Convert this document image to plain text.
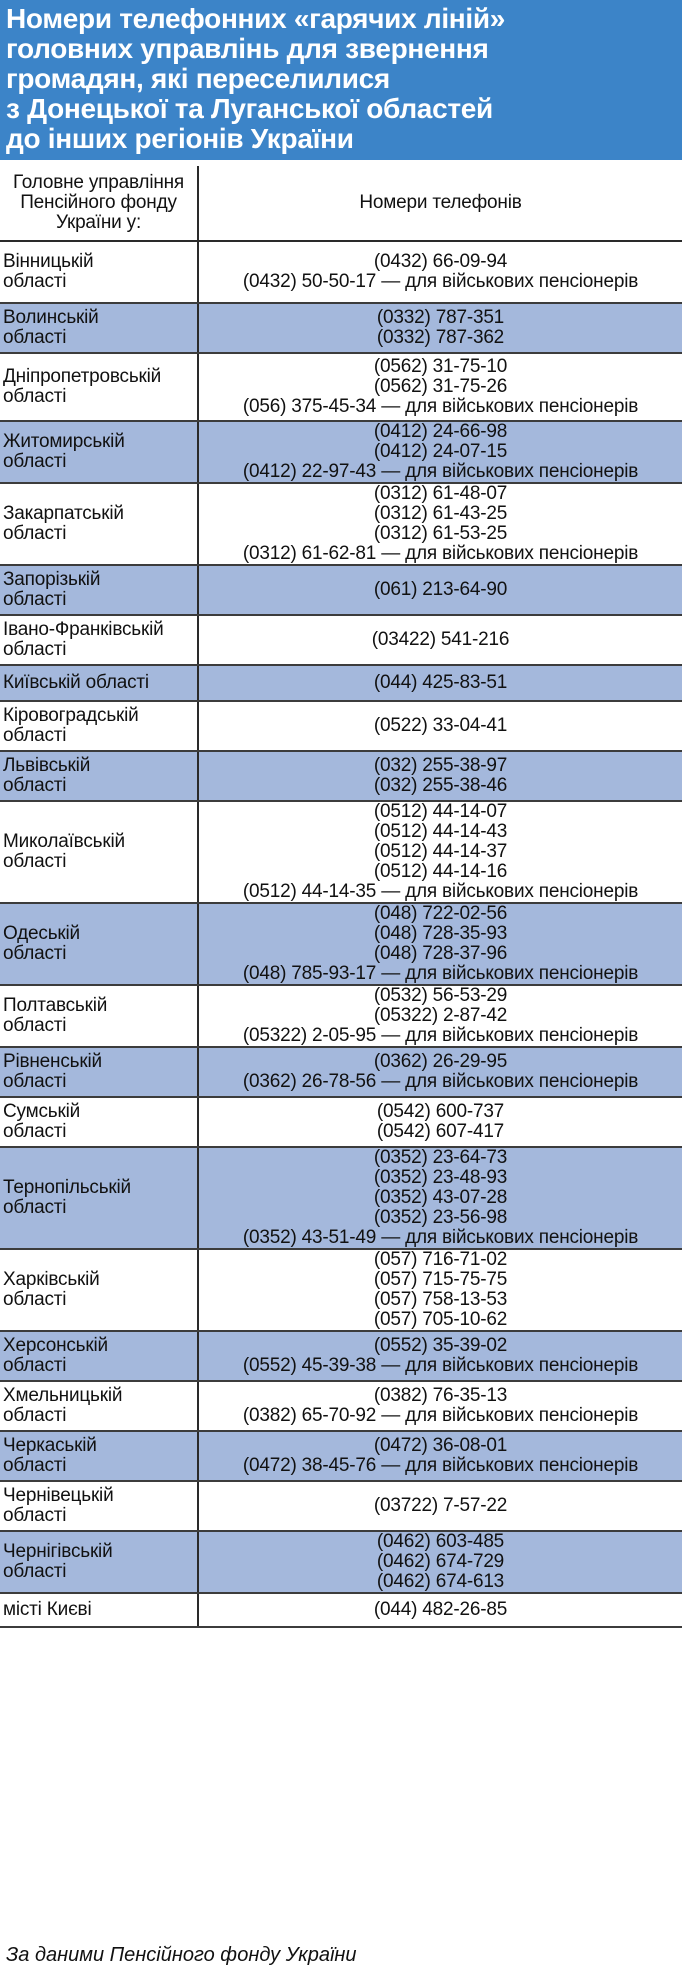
Номери телефонних «гарячих ліній»
головних управлінь для звернення
громадян, які переселилися
з Донецької та Луганської областей
до інших регіонів України
Головне управління
Пенсійного фонду
України у:	Номери телефонів

Вінницькій
області	(0432) 66-09-94
(0432) 50-50-17 — для військових пенсіонерів

Волинській
області	(0332) 787-351
(0332) 787-362

Дніпропетровській
області	(0562) 31-75-10
(0562) 31-75-26
(056) 375-45-34 — для військових пенсіонерів

Житомирській
області	(0412) 24-66-98
(0412) 24-07-15
(0412) 22-97-43 — для військових пенсіонерів

Закарпатській
області	(0312) 61-48-07
(0312) 61-43-25
(0312) 61-53-25
(0312) 61-62-81 — для військових пенсіонерів

Запорізькій
області	(061) 213-64-90

Івано-Франківській
області	(03422) 541-216

Київській області	(044) 425-83-51

Кіровоградській
області	(0522) 33-04-41

Львівській
області	(032) 255-38-97
(032) 255-38-46

Миколаївській
області	(0512) 44-14-07
(0512) 44-14-43
(0512) 44-14-37
(0512) 44-14-16
(0512) 44-14-35 — для військових пенсіонерів

Одеській
області	(048) 722-02-56
(048) 728-35-93
(048) 728-37-96
(048) 785-93-17 — для військових пенсіонерів

Полтавській
області	(0532) 56-53-29
(05322) 2-87-42
(05322) 2-05-95 — для військових пенсіонерів

Рівненській
області	(0362) 26-29-95
(0362) 26-78-56 — для військових пенсіонерів

Сумській
області	(0542) 600-737
(0542) 607-417

Тернопільській
області	(0352) 23-64-73
(0352) 23-48-93
(0352) 43-07-28
(0352) 23-56-98
(0352) 43-51-49 — для військових пенсіонерів

Харківській
області	(057) 716-71-02
(057) 715-75-75
(057) 758-13-53
(057) 705-10-62

Херсонській
області	(0552) 35-39-02
(0552) 45-39-38 — для військових пенсіонерів

Хмельницькій
області	(0382) 76-35-13
(0382) 65-70-92 — для військових пенсіонерів

Черкаській
області	(0472) 36-08-01
(0472) 38-45-76 — для військових пенсіонерів

Чернівецькій
області	(03722) 7-57-22

Чернігівській
області	(0462) 603-485
(0462) 674-729
(0462) 674-613

місті Києві	(044) 482-26-85
За даними Пенсійного фонду України
